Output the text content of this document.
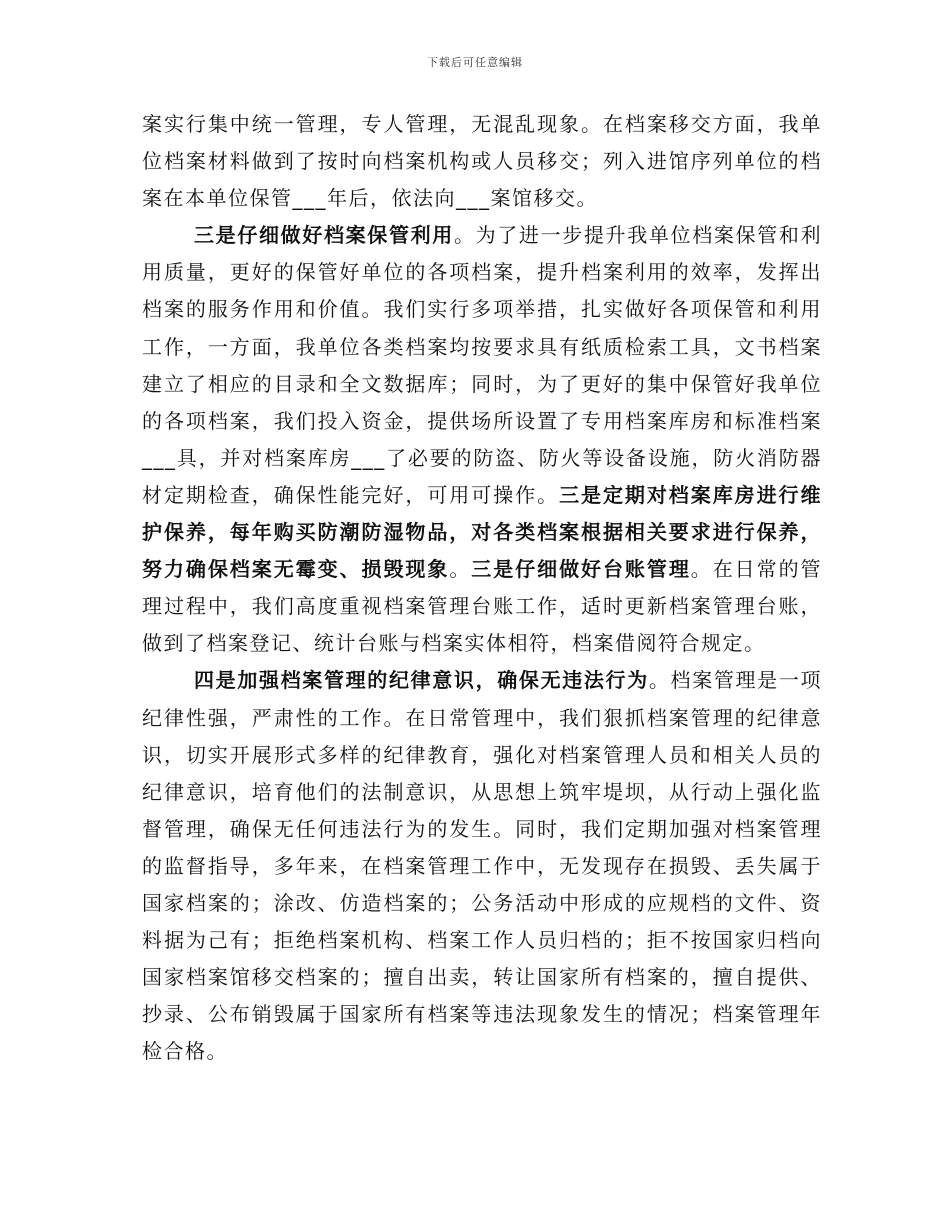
下载后可任意编辑

案实行集中统一管理，专人管理，无混乱现象。在档案移交方面，我单位档案材料做到了按时向档案机构或人员移交；列入进馆序列单位的档案在本单位保管___年后，依法向___案馆移交。

三是仔细做好档案保管利用。为了进一步提升我单位档案保管和利用质量，更好的保管好单位的各项档案，提升档案利用的效率，发挥出档案的服务作用和价值。我们实行多项举措，扎实做好各项保管和利用工作，一方面，我单位各类档案均按要求具有纸质检索工具，文书档案建立了相应的目录和全文数据库；同时，为了更好的集中保管好我单位的各项档案，我们投入资金，提供场所设置了专用档案库房和标准档案___具，并对档案库房___了必要的防盗、防火等设备设施，防火消防器材定期检查，确保性能完好，可用可操作。三是定期对档案库房进行维护保养，每年购买防潮防湿物品，对各类档案根据相关要求进行保养，努力确保档案无霉变、损毁现象。三是仔细做好台账管理。在日常的管理过程中，我们高度重视档案管理台账工作，适时更新档案管理台账，做到了档案登记、统计台账与档案实体相符，档案借阅符合规定。

四是加强档案管理的纪律意识，确保无违法行为。档案管理是一项纪律性强，严肃性的工作。在日常管理中，我们狠抓档案管理的纪律意识，切实开展形式多样的纪律教育，强化对档案管理人员和相关人员的纪律意识，培育他们的法制意识，从思想上筑牢堤坝，从行动上强化监督管理，确保无任何违法行为的发生。同时，我们定期加强对档案管理的监督指导，多年来，在档案管理工作中，无发现存在损毁、丢失属于国家档案的；涂改、仿造档案的；公务活动中形成的应规档的文件、资料据为己有；拒绝档案机构、档案工作人员归档的；拒不按国家归档向国家档案馆移交档案的；擅自出卖，转让国家所有档案的，擅自提供、抄录、公布销毁属于国家所有档案等违法现象发生的情况；档案管理年检合格。
